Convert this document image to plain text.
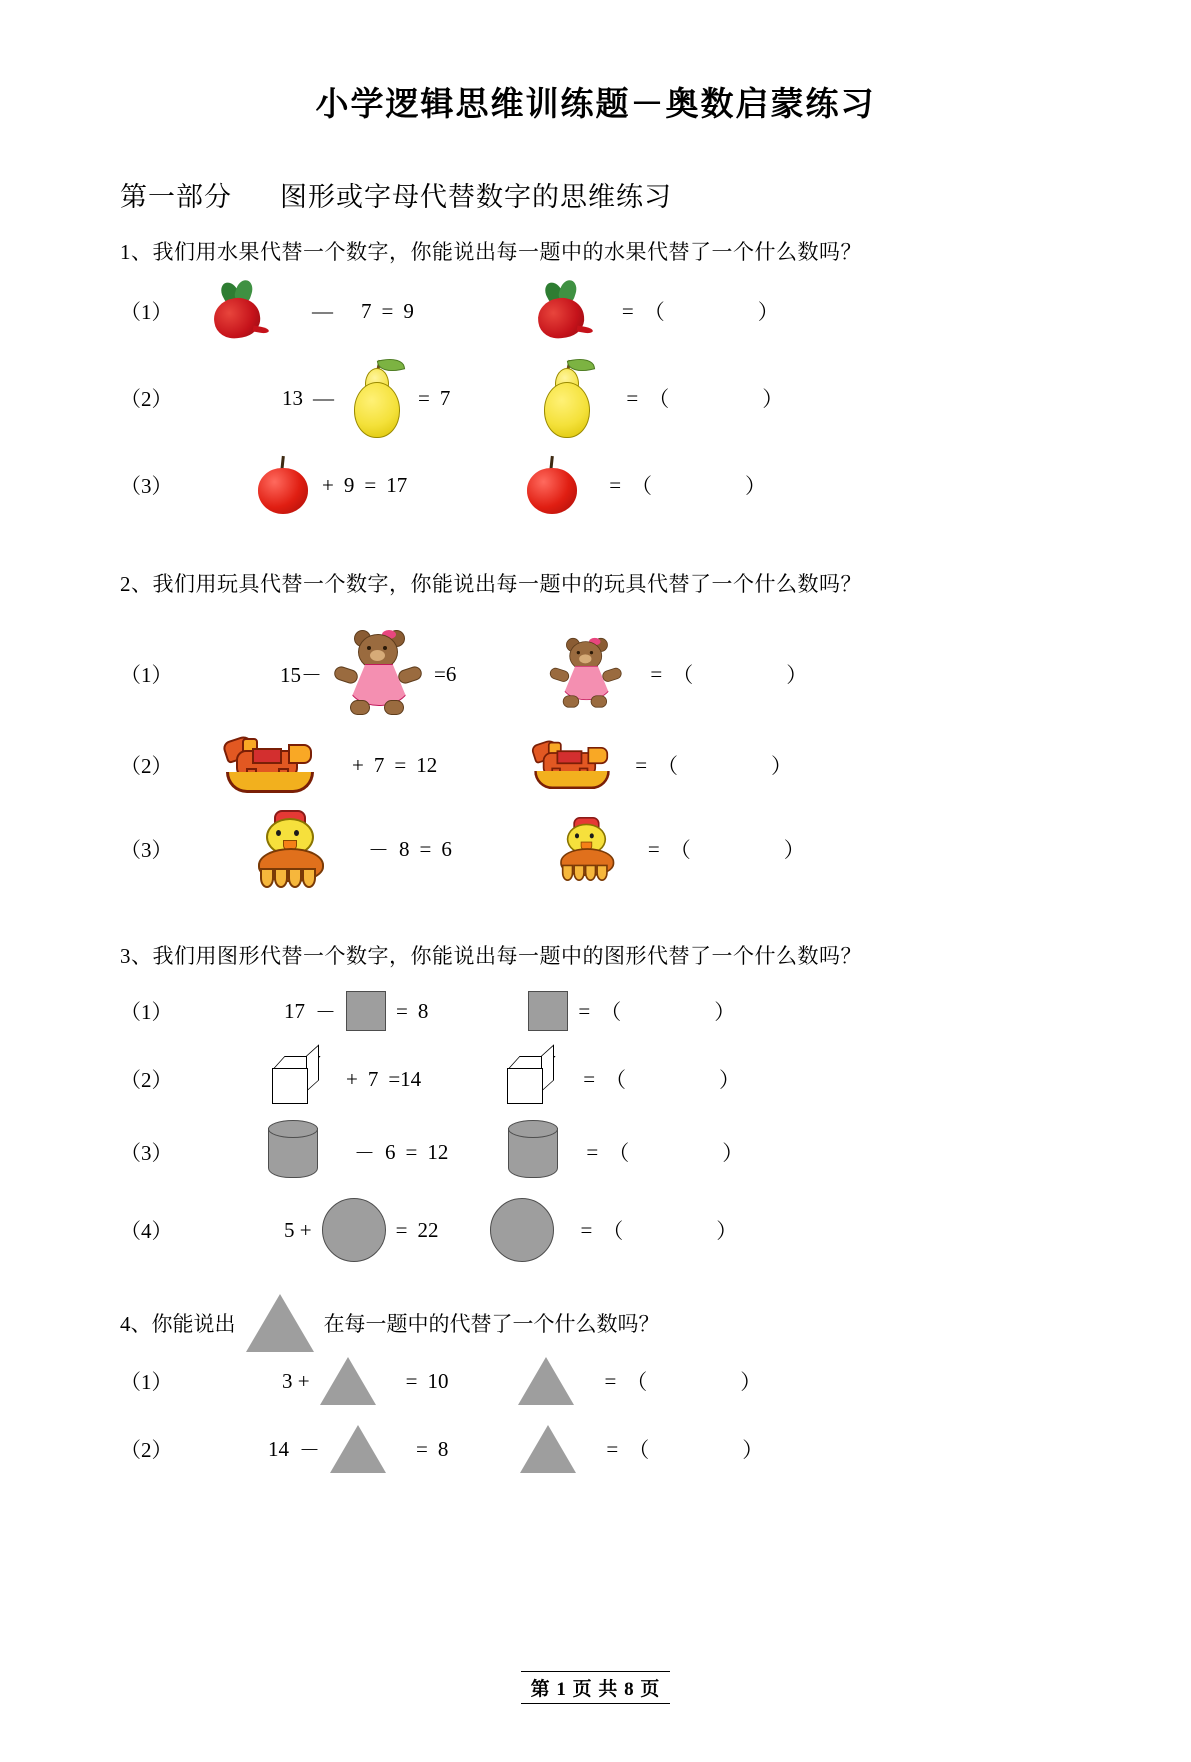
小学逻辑思维训练题－奥数启蒙练习
第一部分 图形或字母代替数字的思维练习
1、我们用水果代替一个数字，你能说出每一题中的水果代替了一个什么数吗？
（1）	— 7 = 9	= （	）
（2）	13 —	= 7	= （	）
（3）	+ 9 = 17	= （	）
2、我们用玩具代替一个数字，你能说出每一题中的玩具代替了一个什么数吗？
（1）	15－	=6	= （	）
（2）	+ 7 = 12	= （	）
（3）	－ 8 = 6	= （	）
3、我们用图形代替一个数字，你能说出每一题中的图形代替了一个什么数吗？
（1）	17 －	= 8	= （	）
（2）	+ 7 =14	= （	）
（3）	－ 6 = 12	= （	）
（4）	5 +	= 22	= （	）
4、 你能说出	在每一题中的代替了一个什么数吗？
（1）	3 +	= 10	= （	）
（2）	14 －	= 8	= （	）
第 1 页 共 8 页
